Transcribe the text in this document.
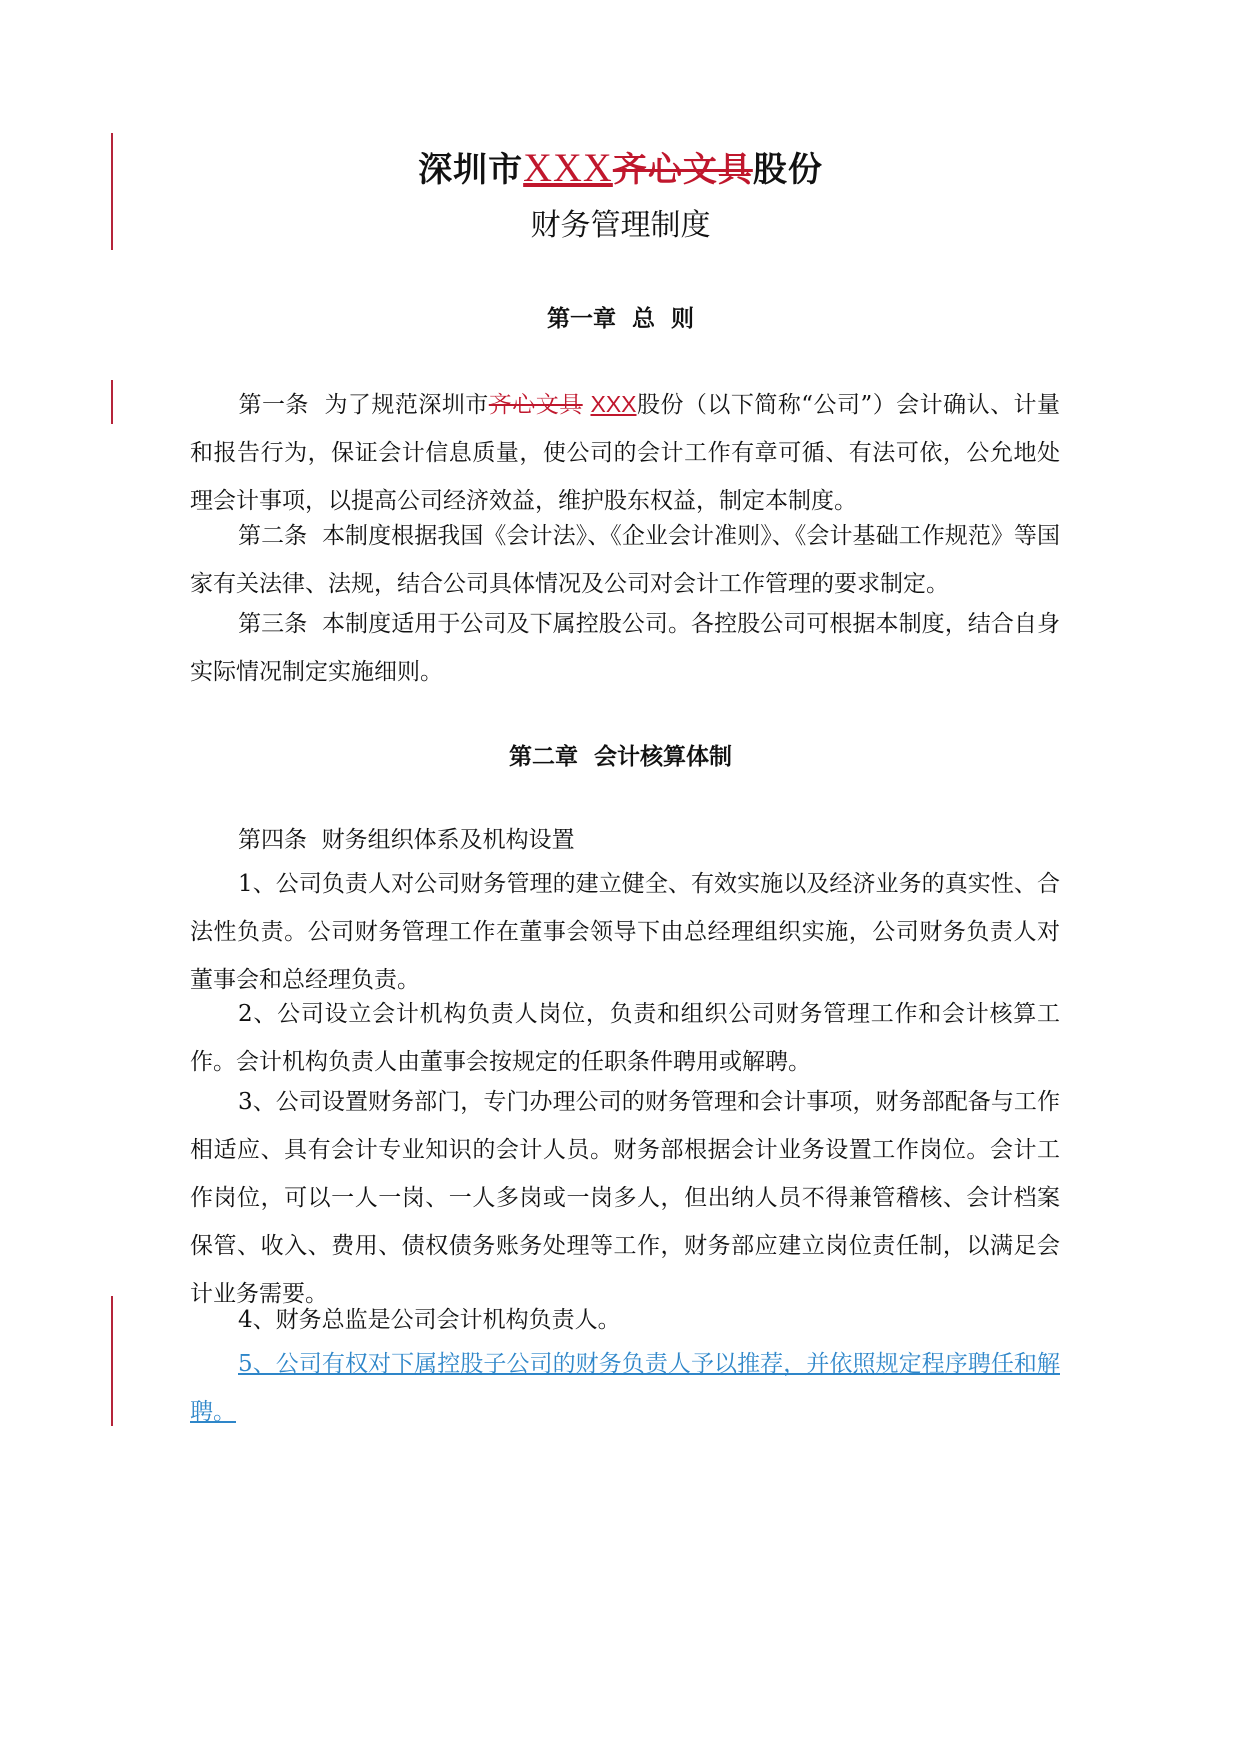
深圳市XXX齐心文具股份
财务管理制度
第一章  总  则
第一条  为了规范深圳市齐心文具 XXX股份（以下简称“公司”）会计确认、计量和报告行为，保证会计信息质量，使公司的会计工作有章可循、有法可依，公允地处理会计事项，以提高公司经济效益，维护股东权益，制定本制度。
第二条  本制度根据我国《会计法》、《企业会计准则》、《会计基础工作规范》等国家有关法律、法规，结合公司具体情况及公司对会计工作管理的要求制定。
第三条  本制度适用于公司及下属控股公司。各控股公司可根据本制度，结合自身实际情况制定实施细则。
第二章  会计核算体制
第四条  财务组织体系及机构设置
1、公司负责人对公司财务管理的建立健全、有效实施以及经济业务的真实性、合法性负责。公司财务管理工作在董事会领导下由总经理组织实施，公司财务负责人对董事会和总经理负责。
2、公司设立会计机构负责人岗位，负责和组织公司财务管理工作和会计核算工作。会计机构负责人由董事会按规定的任职条件聘用或解聘。
3、公司设置财务部门，专门办理公司的财务管理和会计事项，财务部配备与工作相适应、具有会计专业知识的会计人员。财务部根据会计业务设置工作岗位。会计工作岗位，可以一人一岗、一人多岗或一岗多人，但出纳人员不得兼管稽核、会计档案保管、收入、费用、债权债务账务处理等工作，财务部应建立岗位责任制，以满足会计业务需要。
4、财务总监是公司会计机构负责人。
5、公司有权对下属控股子公司的财务负责人予以推荐，并依照规定程序聘任和解聘。
